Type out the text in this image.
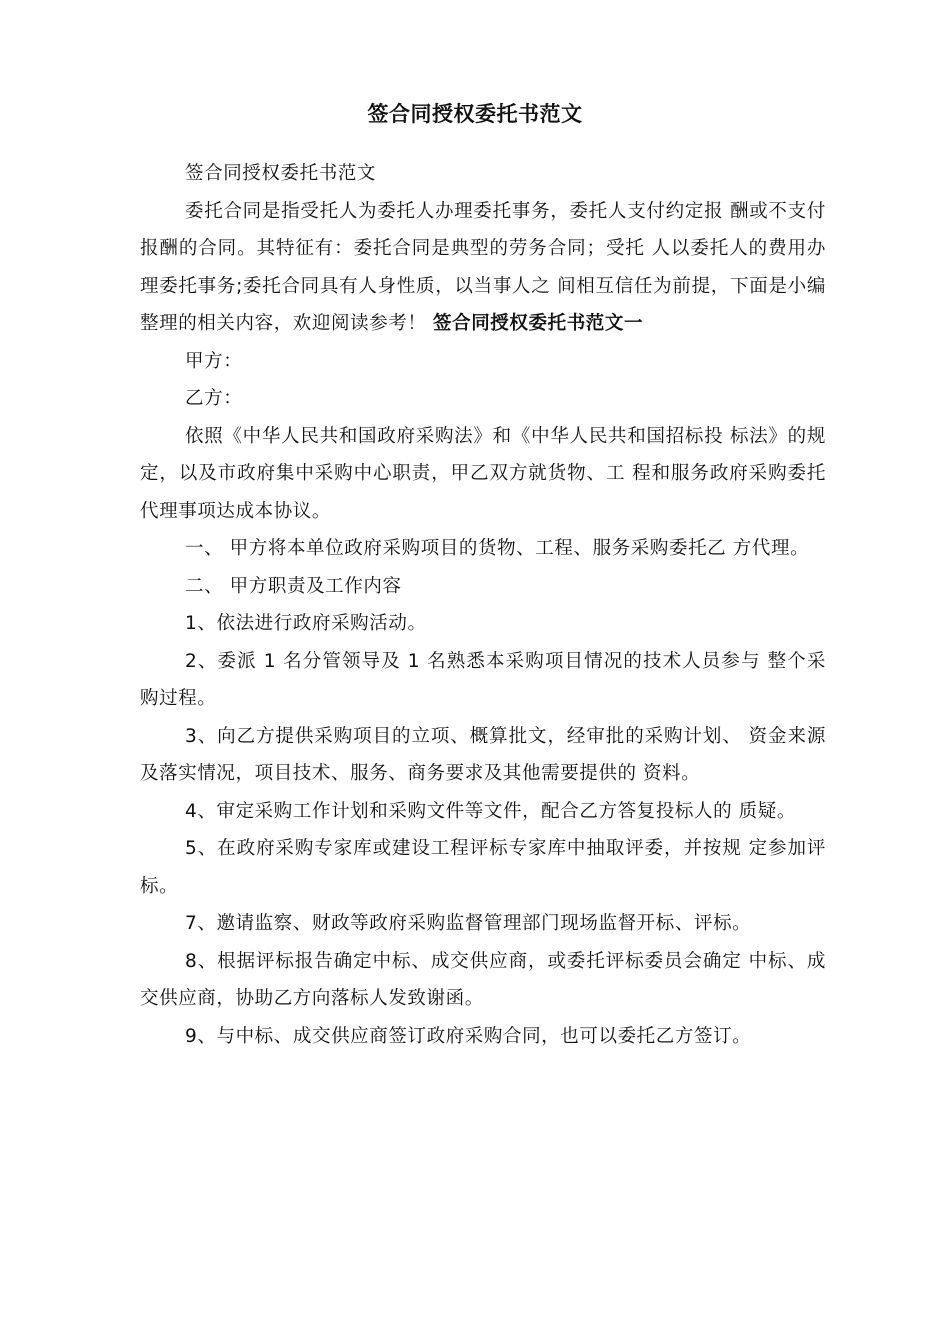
签合同授权委托书范文

签合同授权委托书范文

委托合同是指受托人为委托人办理委托事务，委托人支付约定报 酬或不支付报酬的合同。其特征有：委托合同是典型的劳务合同；受托 人以委托人的费用办理委托事务;委托合同具有人身性质，以当事人之 间相互信任为前提，下面是小编整理的相关内容，欢迎阅读参考！ 签合同授权委托书范文一

甲方：

乙方：

依照《中华人民共和国政府采购法》和《中华人民共和国招标投 标法》的规定，以及市政府集中采购中心职责，甲乙双方就货物、工 程和服务政府采购委托代理事项达成本协议。

一、 甲方将本单位政府采购项目的货物、工程、服务采购委托乙 方代理。

二、 甲方职责及工作内容

1、依法进行政府采购活动。

2、委派 1 名分管领导及 1 名熟悉本采购项目情况的技术人员参与 整个采购过程。

3、向乙方提供采购项目的立项、概算批文，经审批的采购计划、 资金来源及落实情况，项目技术、服务、商务要求及其他需要提供的 资料。

4、审定采购工作计划和采购文件等文件，配合乙方答复投标人的 质疑。

5、在政府采购专家库或建设工程评标专家库中抽取评委，并按规 定参加评标。

7、邀请监察、财政等政府采购监督管理部门现场监督开标、评标。

8、根据评标报告确定中标、成交供应商，或委托评标委员会确定 中标、成交供应商，协助乙方向落标人发致谢函。

9、与中标、成交供应商签订政府采购合同，也可以委托乙方签订。
